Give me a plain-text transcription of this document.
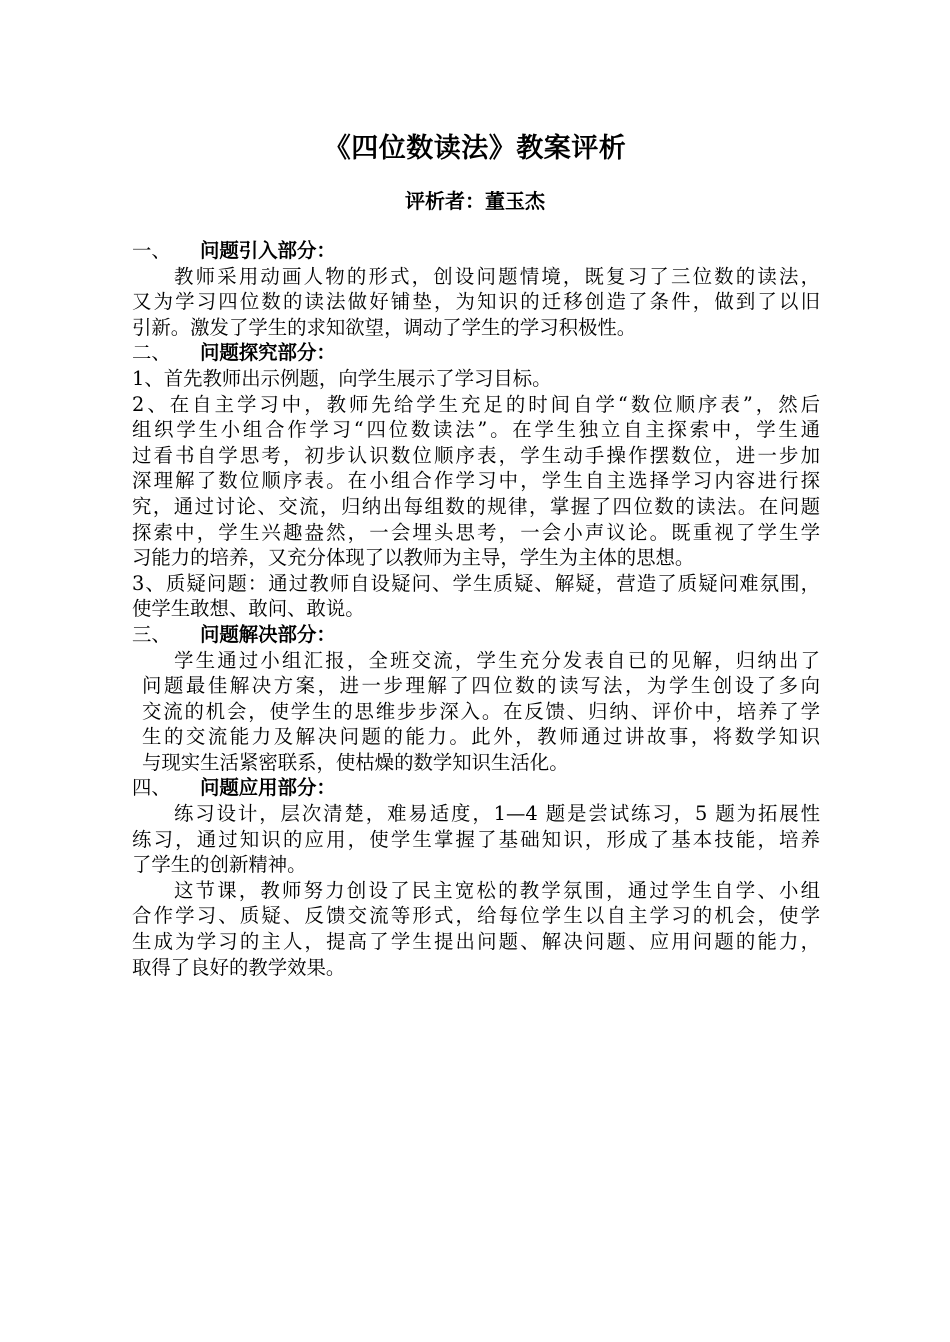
《四位数读法》教案评析
评析者：董玉杰
一、	问题引入部分：
教师采用动画人物的形式，创设问题情境，既复习了三位数的读法，
又为学习四位数的读法做好铺垫，为知识的迁移创造了条件，做到了以旧
引新。激发了学生的求知欲望，调动了学生的学习积极性。
二、	问题探究部分：
1、首先教师出示例题，向学生展示了学习目标。
2、在自主学习中，教师先给学生充足的时间自学“数位顺序表”，然后
组织学生小组合作学习“四位数读法”。在学生独立自主探索中，学生通
过看书自学思考，初步认识数位顺序表，学生动手操作摆数位，进一步加
深理解了数位顺序表。在小组合作学习中，学生自主选择学习内容进行探
究，通过讨论、交流，归纳出每组数的规律，掌握了四位数的读法。在问题
探索中，学生兴趣盎然，一会埋头思考，一会小声议论。既重视了学生学
习能力的培养，又充分体现了以教师为主导，学生为主体的思想。
3、质疑问题：通过教师自设疑问、学生质疑、解疑，营造了质疑问难氛围，
使学生敢想、敢问、敢说。
三、	问题解决部分：
学生通过小组汇报，全班交流，学生充分发表自已的见解，归纳出了
问题最佳解决方案，进一步理解了四位数的读写法，为学生创设了多向
交流的机会，使学生的思维步步深入。在反馈、归纳、评价中，培养了学
生的交流能力及解决问题的能力。此外，教师通过讲故事，将数学知识
与现实生活紧密联系，使枯燥的数学知识生活化。
四、	问题应用部分：
练习设计，层次清楚，难易适度，1—4 题是尝试练习，5 题为拓展性
练习，通过知识的应用，使学生掌握了基础知识，形成了基本技能，培养
了学生的创新精神。
这节课，教师努力创设了民主宽松的教学氛围，通过学生自学、小组
合作学习、质疑、反馈交流等形式，给每位学生以自主学习的机会，使学
生成为学习的主人，提高了学生提出问题、解决问题、应用问题的能力，
取得了良好的教学效果。
